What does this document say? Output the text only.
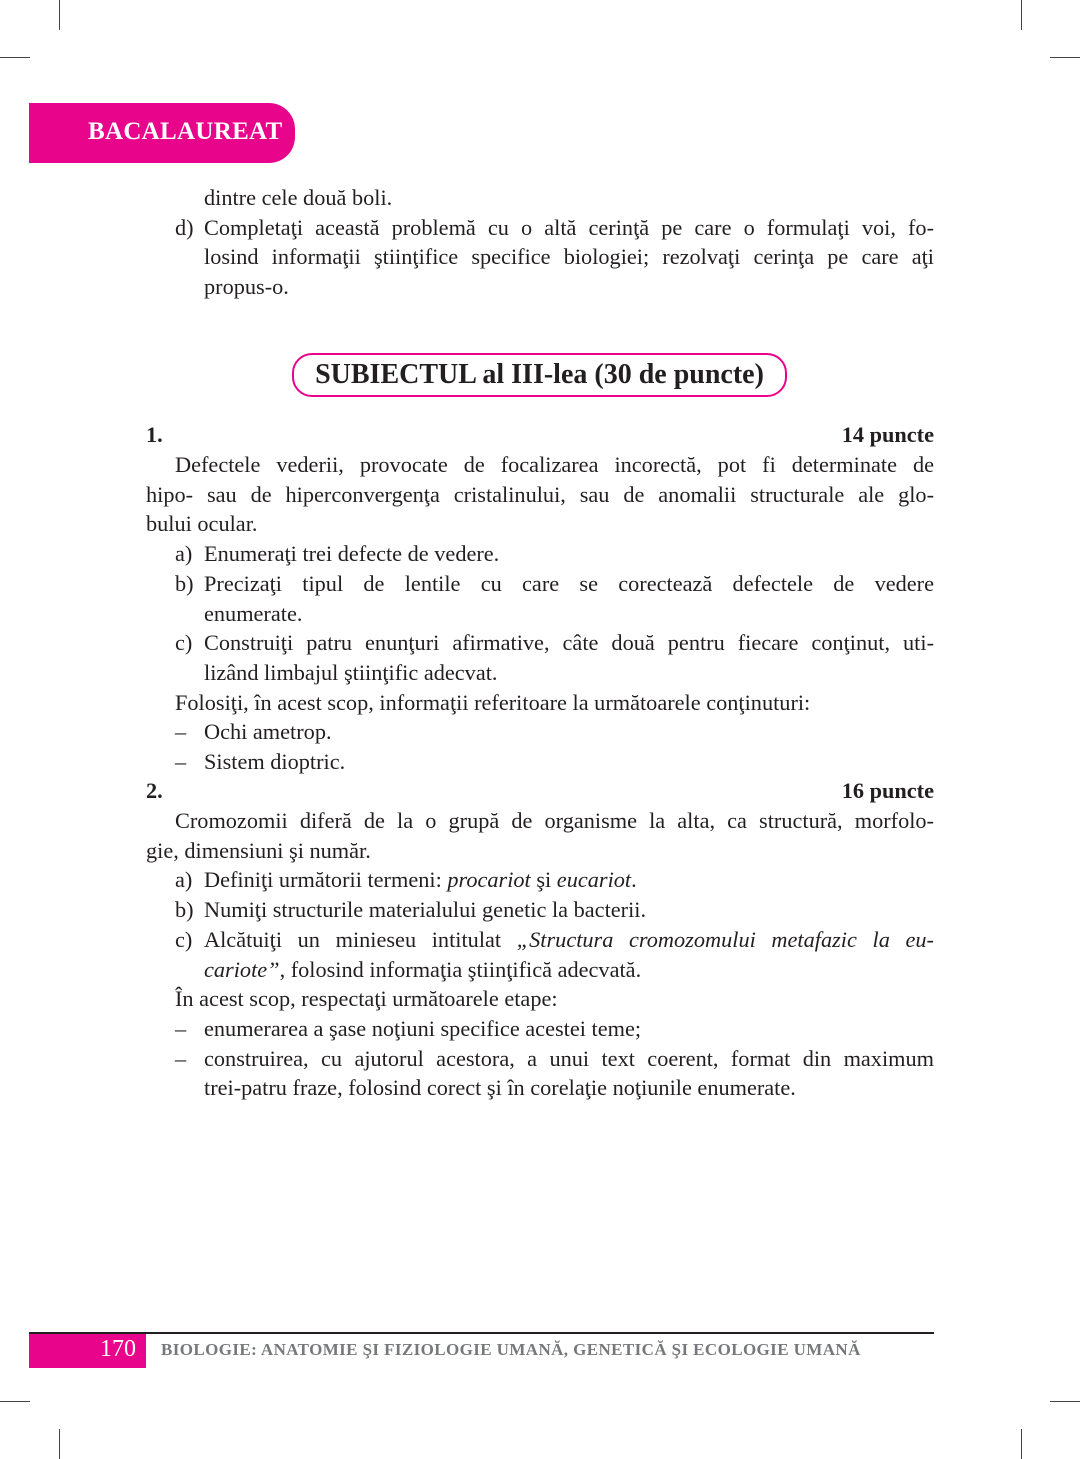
BACALAUREAT
dintre cele două boli.
d) Completaţi această problemă cu o altă cerinţă pe care o formulaţi voi, fo-
losind informaţii ştiinţifice specifice biologiei; rezolvaţi cerinţa pe care aţi
propus-o.
SUBIECTUL al III-lea (30 de puncte)
1.	14 puncte
Defectele vederii, provocate de focalizarea incorectă, pot fi determinate de
hipo- sau de hiperconvergenţa cristalinului, sau de anomalii structurale ale glo-
bului ocular.
a) Enumeraţi trei defecte de vedere.
b) Precizaţi tipul de lentile cu care se corectează defectele de vedere
enumerate.
c) Construiţi patru enunţuri afirmative, câte două pentru fiecare conţinut, uti-
lizând limbajul ştiinţific adecvat.
Folosiţi, în acest scop, informaţii referitoare la următoarele conţinuturi:
– Ochi ametrop.
– Sistem dioptric.
2.	16 puncte
Cromozomii diferă de la o grupă de organisme la alta, ca structură, morfolo-
gie, dimensiuni şi număr.
a) Definiţi următorii termeni: procariot şi eucariot.
b) Numiţi structurile materialului genetic la bacterii.
c) Alcătuiţi un minieseu intitulat „Structura cromozomului metafazic la eu-
cariote”, folosind informaţia ştiinţifică adecvată.
În acest scop, respectaţi următoarele etape:
– enumerarea a şase noţiuni specifice acestei teme;
– construirea, cu ajutorul acestora, a unui text coerent, format din maximum
trei-patru fraze, folosind corect şi în corelaţie noţiunile enumerate.
170 BIOLOGIE: ANATOMIE ŞI FIZIOLOGIE UMANĂ, GENETICĂ ŞI ECOLOGIE UMANĂ
